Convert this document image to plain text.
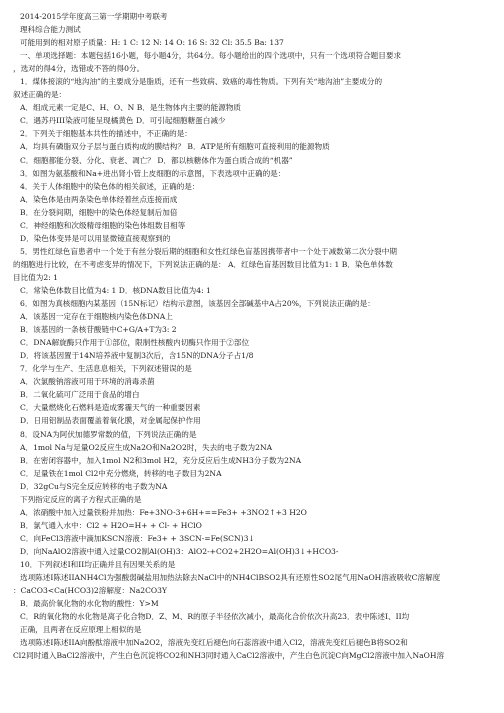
2014-2015学年度高三第一学期期中考联考
理科综合能力测试
可能用到的相对原子质量：H: 1 C: 12 N: 14 O: 16 S: 32 Cl: 35.5 Ba: 137
一、单项选择题：本题包括16小题，每小题4分，共64分。每小题给出的四个选项中，只有一个选项符合题目要求
，选对的得4分，选错或不答的得0分。
1．煤体接滚的“地沟油”的主要成分是脂质，还有一些致病、致癌的毒性物质。下列有关“地沟油”主要成分的
叙述正确的是：
A．组成元素一定是C、H、O、N B．是生物体内主要的能源物质
C．遇苏丹III染液可能呈现橘黄色 D．可引起细胞糖蛋白减少
2．下列关于细胞基本共性的描述中，不正确的是：
A．均具有磷脂双分子层与蛋白质构成的膜结构？ B．ATP是所有细胞可直接利用的能源物质
C．细胞都能分裂、分化、衰老、凋亡？ D．都以核糖体作为蛋白质合成的“机器”
3．如图为氨基酸和Na+进出肾小管上皮细胞的示意图，下表选项中正确的是：
4．关于人体细胞中的染色体的相关叙述，正确的是：
A．染色体是由两条染色单体经着丝点连接而成
B．在分裂间期，细胞中的染色体经复制后加倍
C．神经细胞和次级精母细胞的染色体组数目相等
D．染色体变异是可以用显微镜直接观察到的
5．男性红绿色盲患者中一个处于有丝分裂后期的细胞和女性红绿色盲基因携带者中一个处于减数第二次分裂中期
的细胞进行比较，在不考虑变异的情况下，下列说法正确的是： A．红绿色盲基因数目比值为1: 1 B．染色单体数
目比值为2: 1
C．常染色体数目比值为4: 1 D．核DNA数目比值为4: 1
6．如图为真核细胞内某基因（15N标记）结构示意图，该基因全部碱基中A占20%，下列说法正确的是：
A．该基因一定存在于细胞核内染色体DNA上
B．该基因的一条核苷酸链中C+G/A+T为3: 2
C．DNA解旋酶只作用于①部位，限制性核酸内切酶只作用于②部位
D．将该基因置于14N培养液中复制3次后，含15N的DNA分子占1/8
7．化学与生产、生活息息相关，下列叙述错误的是
A．次氯酸钠溶液可用于环境的消毒杀菌
B．二氧化硫可广泛用于食品的增白
C．大量燃烧化石燃料是造成雾霾天气的一种重要因素
D．日用铝制品表面覆盖着氧化膜，对金属起保护作用
8．设NA为阿伏加德罗常数的值，下列说法正确的是
A．1mol Na与足量O2反应生成Na2O和Na2O2时，失去的电子数为2NA
B．在密闭容器中，加入1mol N2和3mol H2，充分反应后生成NH3分子数为2NA
C．足量铁在1mol Cl2中充分燃烧，转移的电子数目为2NA
D．32gCu与S完全反应转移的电子数为NA
下列指定反应的离子方程式正确的是
A．浓硝酸中加入过量铁粉并加热：Fe+3NO-3+6H+==Fe3+ +3NO2↑+3 H2O
B．氯气通入水中：Cl2 + H2O=H+ + Cl- + HClO
C．向FeCl3溶液中滴加KSCN溶液：Fe3+ + 3SCN-=Fe(SCN)3↓
D．向NaAlO2溶液中通入过量CO2制Al(OH)3：AlO2-+CO2+2H2O=Al(OH)3↓+HCO3-
10．下列叙述I和II均正确并且有因果关系的是
选项陈述I陈述IIANH4Cl为强酸弱碱盐用加热法除去NaCl中的NH4ClBSO2具有还原性SO2尾气用NaOH溶液吸收C溶解度
：CaCO3<Ca(HCO3)2溶解度：Na2CO3Y
B．最高价氧化物的水化物的酸性：Y>M
C．R的氧化物的水化物是离子化合物D．Z、M、R的原子半径依次减小，最高化合价依次升高23．表中陈述I、II均
正确，且两者在反应原理上相似的是
选项陈述I陈述IIA向酚酞溶液中加Na2O2，溶液先变红后褪色向石蕊溶液中通入Cl2，溶液先变红后褪色B将SO2和
Cl2同时通入BaCl2溶液中，产生白色沉淀将CO2和NH3同时通入CaCl2溶液中，产生白色沉淀C向MgCl2溶液中加入NaOH溶
